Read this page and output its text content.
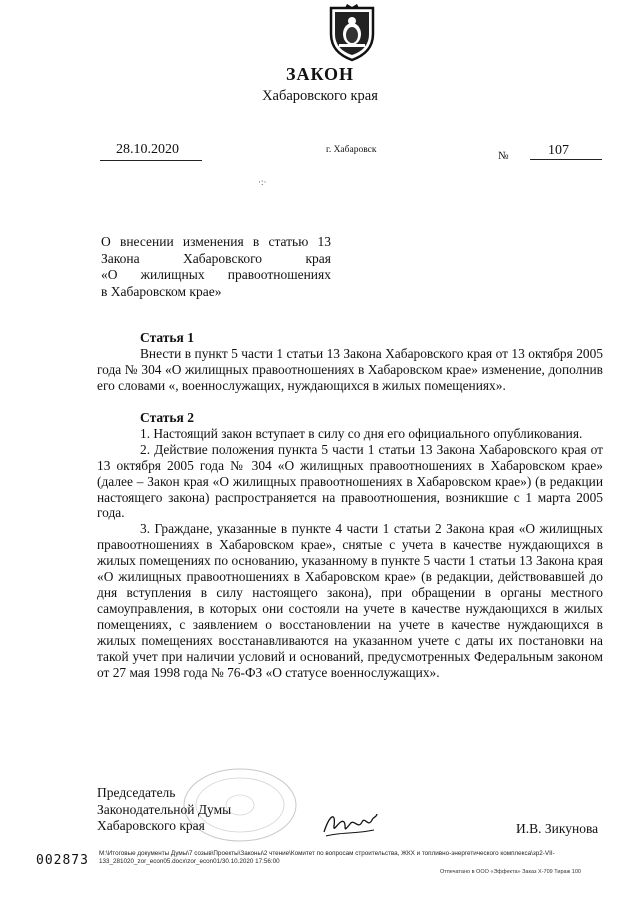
ЗАКОН
Хабаровского края
28.10.2020	г. Хабаровск	№	107
·:·
О внесении изменения в статью 13
Закона Хабаровского края
«О жилищных правоотношениях
в Хабаровском крае»

Статья 1

Внести в пункт 5 части 1 статьи 13 Закона Хабаровского края от 13 октября 2005 года № 304 «О жилищных правоотношениях в Хабаровском крае» изменение, дополнив его словами «, военнослужащих, нуждающихся в жилых помещениях».

Статья 2

1. Настоящий закон вступает в силу со дня его официального опубликования.

2. Действие положения пункта 5 части 1 статьи 13 Закона Хабаровского края от 13 октября 2005 года № 304 «О жилищных правоотношениях в Хабаровском крае» (далее – Закон края «О жилищных правоотношениях в Хабаровском крае») (в редакции настоящего закона) распространяется на правоотношения, возникшие с 1 марта 2005 года.

3. Граждане, указанные в пункте 4 части 1 статьи 2 Закона края «О жилищных правоотношениях в Хабаровском крае», снятые с учета в качестве нуждающихся в жилых помещениях по основанию, указанному в пункте 5 части 1 статьи 13 Закона края «О жилищных правоотношениях в Хабаровском крае» (в редакции, действовавшей до дня вступления в силу настоящего закона), при обращении в органы местного самоуправления, в которых они состояли на учете в качестве нуждающихся в жилых помещениях, с заявлением о восстановлении на учете в качестве нуждающихся в жилых помещениях восстанавливаются на указанном учете с даты их постановки на такой учет при наличии условий и оснований, предусмотренных Федеральным законом от 27 мая 1998 года № 76-ФЗ «О статусе военнослужащих».

Председатель
Законодательной Думы
Хабаровского края	И.В. Зикунова
002873 M:\Итоговые документы Думы\7 созыв\Проекты\Законы\2 чтение\Комитет по вопросам строительства, ЖКХ и топливно-энергетического комплекса\зр2-VII-133_281020_zor_econ05.docx\zor_econ01/30.10.2020 17:56:00
Отпечатано в ООО «Эффекта» Заказ Х-709 Тираж 100
